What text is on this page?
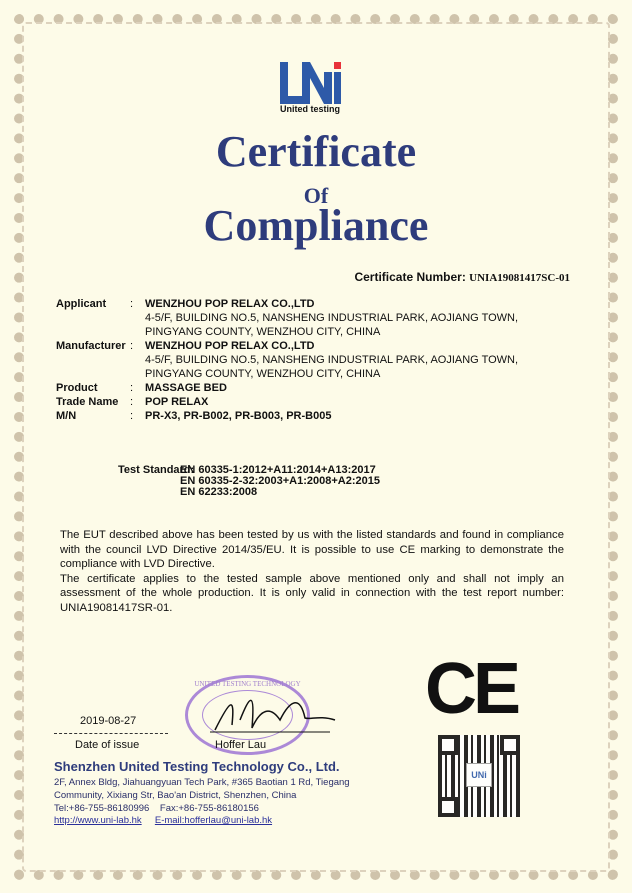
United testing
Certificate
Of
Compliance
Certificate Number: UNIA19081417SC-01
Applicant	: WENZHOU POP RELAX CO.,LTD
4-5/F, BUILDING NO.5, NANSHENG INDUSTRIAL PARK, AOJIANG TOWN,
PINGYANG COUNTY, WENZHOU CITY, CHINA
Manufacturer : WENZHOU POP RELAX CO.,LTD
4-5/F, BUILDING NO.5, NANSHENG INDUSTRIAL PARK, AOJIANG TOWN,
PINGYANG COUNTY, WENZHOU CITY, CHINA
Product	: MASSAGE BED
Trade Name	: POP RELAX
M/N	: PR-X3, PR-B002, PR-B003, PR-B005
Test Standard:
EN 60335-1:2012+A11:2014+A13:2017
EN 60335-2-32:2003+A1:2008+A2:2015
EN 62233:2008
The EUT described above has been tested by us with the listed standards and found in compliance with the council LVD Directive 2014/35/EU. It is possible to use CE marking to demonstrate the compliance with LVD Directive.
The certificate applies to the tested sample above mentioned only and shall not imply an assessment of the whole production. It is only valid in connection with the test report number: UNIA19081417SR-01.
CE
UNi
2019-08-27
Date of issue
UNITED TESTING TECHNOLOGY
Hoffer Lau
Shenzhen United Testing Technology Co., Ltd.
2F, Annex Bldg, Jiahuangyuan Tech Park, #365 Baotian 1 Rd, Tiegang
Community, Xixiang Str, Bao'an District, Shenzhen, China
Tel:+86-755-86180996 Fax:+86-755-86180156
http://www.uni-lab.hk E-mail:hofferlau@uni-lab.hk
